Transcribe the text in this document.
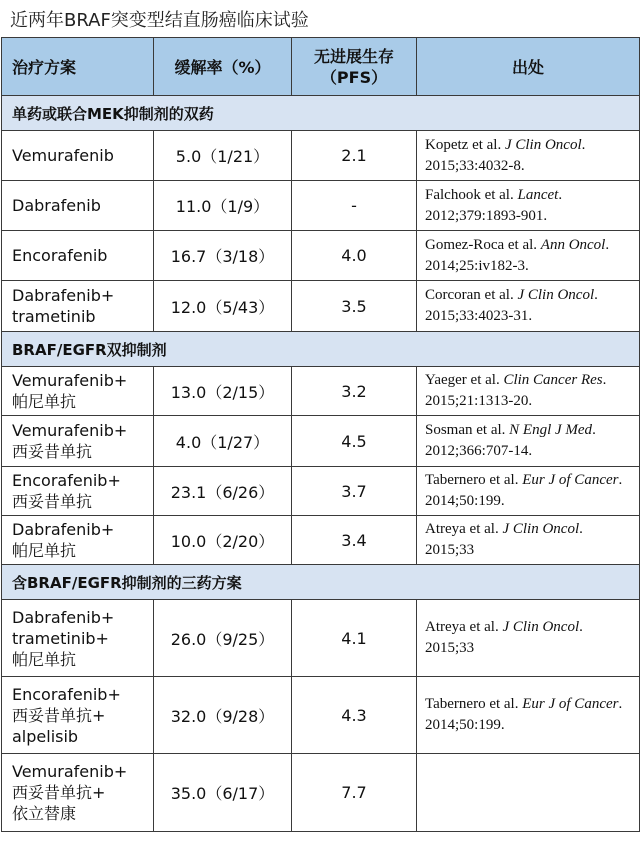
近两年BRAF突变型结直肠癌临床试验
治疗方案	缓解率（%）	无进展生存
（PFS）	出处
单药或联合MEK抑制剂的双药			
Vemurafenib	5.0（1/21）	2.1	Kopetz et al. J Clin Oncol.
2015;33:4032-8.
Dabrafenib	11.0（1/9）	-	Falchook et al. Lancet.
2012;379:1893-901.
Encorafenib	16.7（3/18）	4.0	Gomez-Roca et al. Ann Oncol. 2014;25:iv182-3.
Dabrafenib+
trametinib	12.0（5/43）	3.5	Corcoran et al. J Clin Oncol.
2015;33:4023-31.
BRAF/EGFR双抑制剂			
Vemurafenib+
帕尼单抗	13.0（2/15）	3.2	Yaeger et al. Clin Cancer Res.
2015;21:1313-20.
Vemurafenib+
西妥昔单抗	4.0（1/27）	4.5	Sosman et al. N Engl J Med.
2012;366:707-14.
Encorafenib+
西妥昔单抗	23.1（6/26）	3.7	Tabernero et al. Eur J of Cancer. 2014;50:199.
Dabrafenib+
帕尼单抗	10.0（2/20）	3.4	Atreya et al. J Clin Oncol.
2015;33
含BRAF/EGFR抑制剂的三药方案			
Dabrafenib+
trametinib+
帕尼单抗	26.0（9/25）	4.1	Atreya et al. J Clin Oncol.
2015;33
Encorafenib+
西妥昔单抗+
alpelisib	32.0（9/28）	4.3	Tabernero et al. Eur J of Cancer. 2014;50:199.
Vemurafenib+
西妥昔单抗+
依立替康	35.0（6/17）	7.7	
